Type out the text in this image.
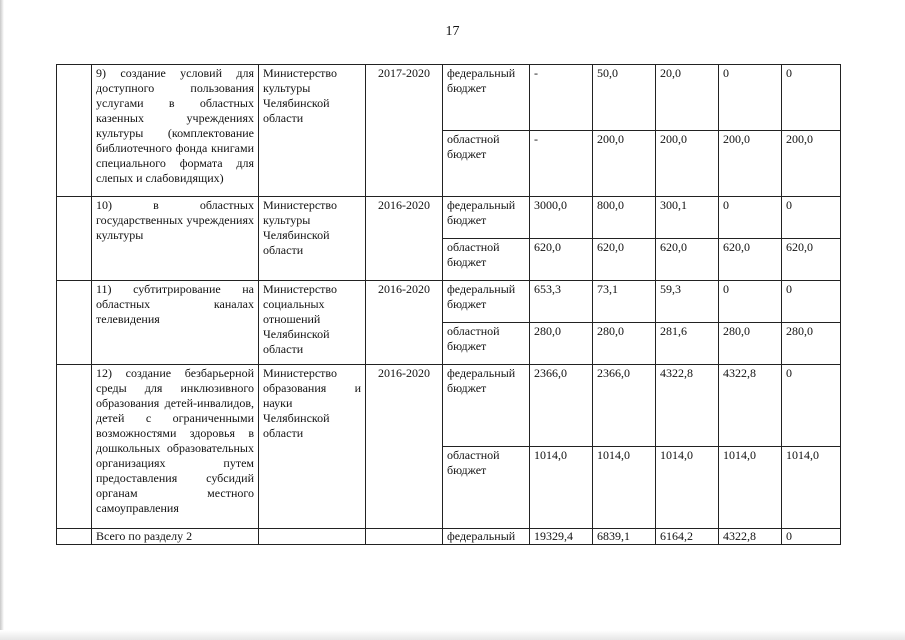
17
	9) создание условий для доступного пользования услугами в областных казенных учреждениях культуры (комплектование библиотечного фонда книгами специального формата для слепых и слабовидящих)	Министерство культуры Челябинской области	2017-2020	федеральный бюджет	-	50,0	20,0	0	0
				областной бюджет	-	200,0	200,0	200,0	200,0
	10) в областных государственных учреждениях культуры	Министерство культуры Челябинской области	2016-2020	федеральный бюджет	3000,0	800,0	300,1	0	0
				областной бюджет	620,0	620,0	620,0	620,0	620,0
	11) субтитрирование на областных каналах телевидения	Министерство социальных отношений Челябинской области	2016-2020	федеральный бюджет	653,3	73,1	59,3	0	0
				областной бюджет	280,0	280,0	281,6	280,0	280,0
	12) создание безбарьерной среды для инклюзивного образования детей-инвалидов, детей с ограниченными возможностями здоровья в дошкольных образовательных организациях путем предоставления субсидий органам местного самоуправления	Министерство образования и науки Челябинской области	2016-2020	федеральный бюджет	2366,0	2366,0	4322,8	4322,8	0
				областной бюджет	1014,0	1014,0	1014,0	1014,0	1014,0
	Всего по разделу 2			федеральный	19329,4	6839,1	6164,2	4322,8	0
